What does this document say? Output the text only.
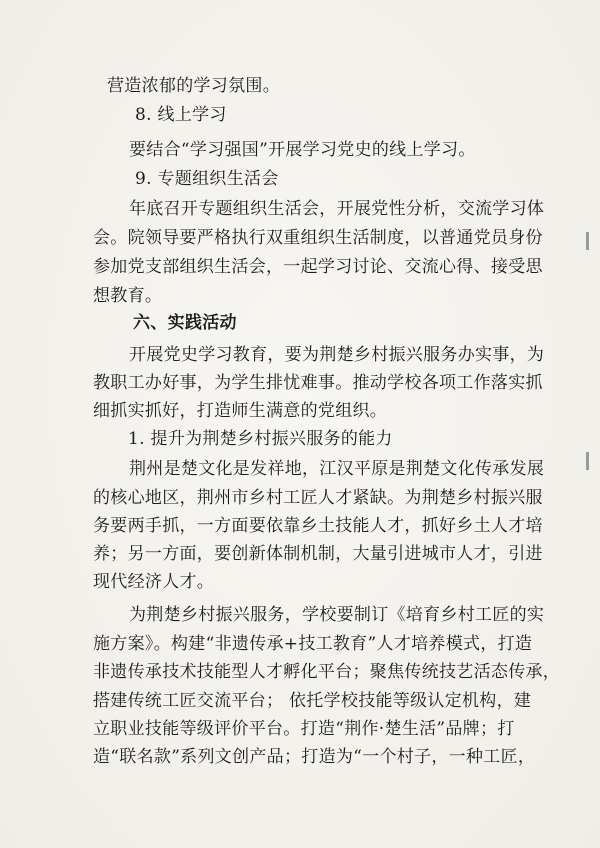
营造浓郁的学习氛围。
8. 线上学习
要结合“学习强国”开展学习党史的线上学习。
9. 专题组织生活会
年底召开专题组织生活会，开展党性分析，交流学习体
会。院领导要严格执行双重组织生活制度，以普通党员身份
参加党支部组织生活会，一起学习讨论、交流心得、接受思
想教育。
六、实践活动
开展党史学习教育，要为荆楚乡村振兴服务办实事，为
教职工办好事，为学生排忧难事。推动学校各项工作落实抓
细抓实抓好，打造师生满意的党组织。
1. 提升为荆楚乡村振兴服务的能力
荆州是楚文化是发祥地，江汉平原是荆楚文化传承发展
的核心地区，荆州市乡村工匠人才紧缺。为荆楚乡村振兴服
务要两手抓，一方面要依靠乡土技能人才，抓好乡土人才培
养；另一方面，要创新体制机制，大量引进城市人才，引进
现代经济人才。
为荆楚乡村振兴服务，学校要制订《培育乡村工匠的实
施方案》。构建“非遗传承+技工教育”人才培养模式，打造
非遗传承技术技能型人才孵化平台；聚焦传统技艺活态传承，
搭建传统工匠交流平台； 依托学校技能等级认定机构，建
立职业技能等级评价平台。打造“荆作·楚生活”品牌；打
造“联名款”系列文创产品；打造为“一个村子，一种工匠，
